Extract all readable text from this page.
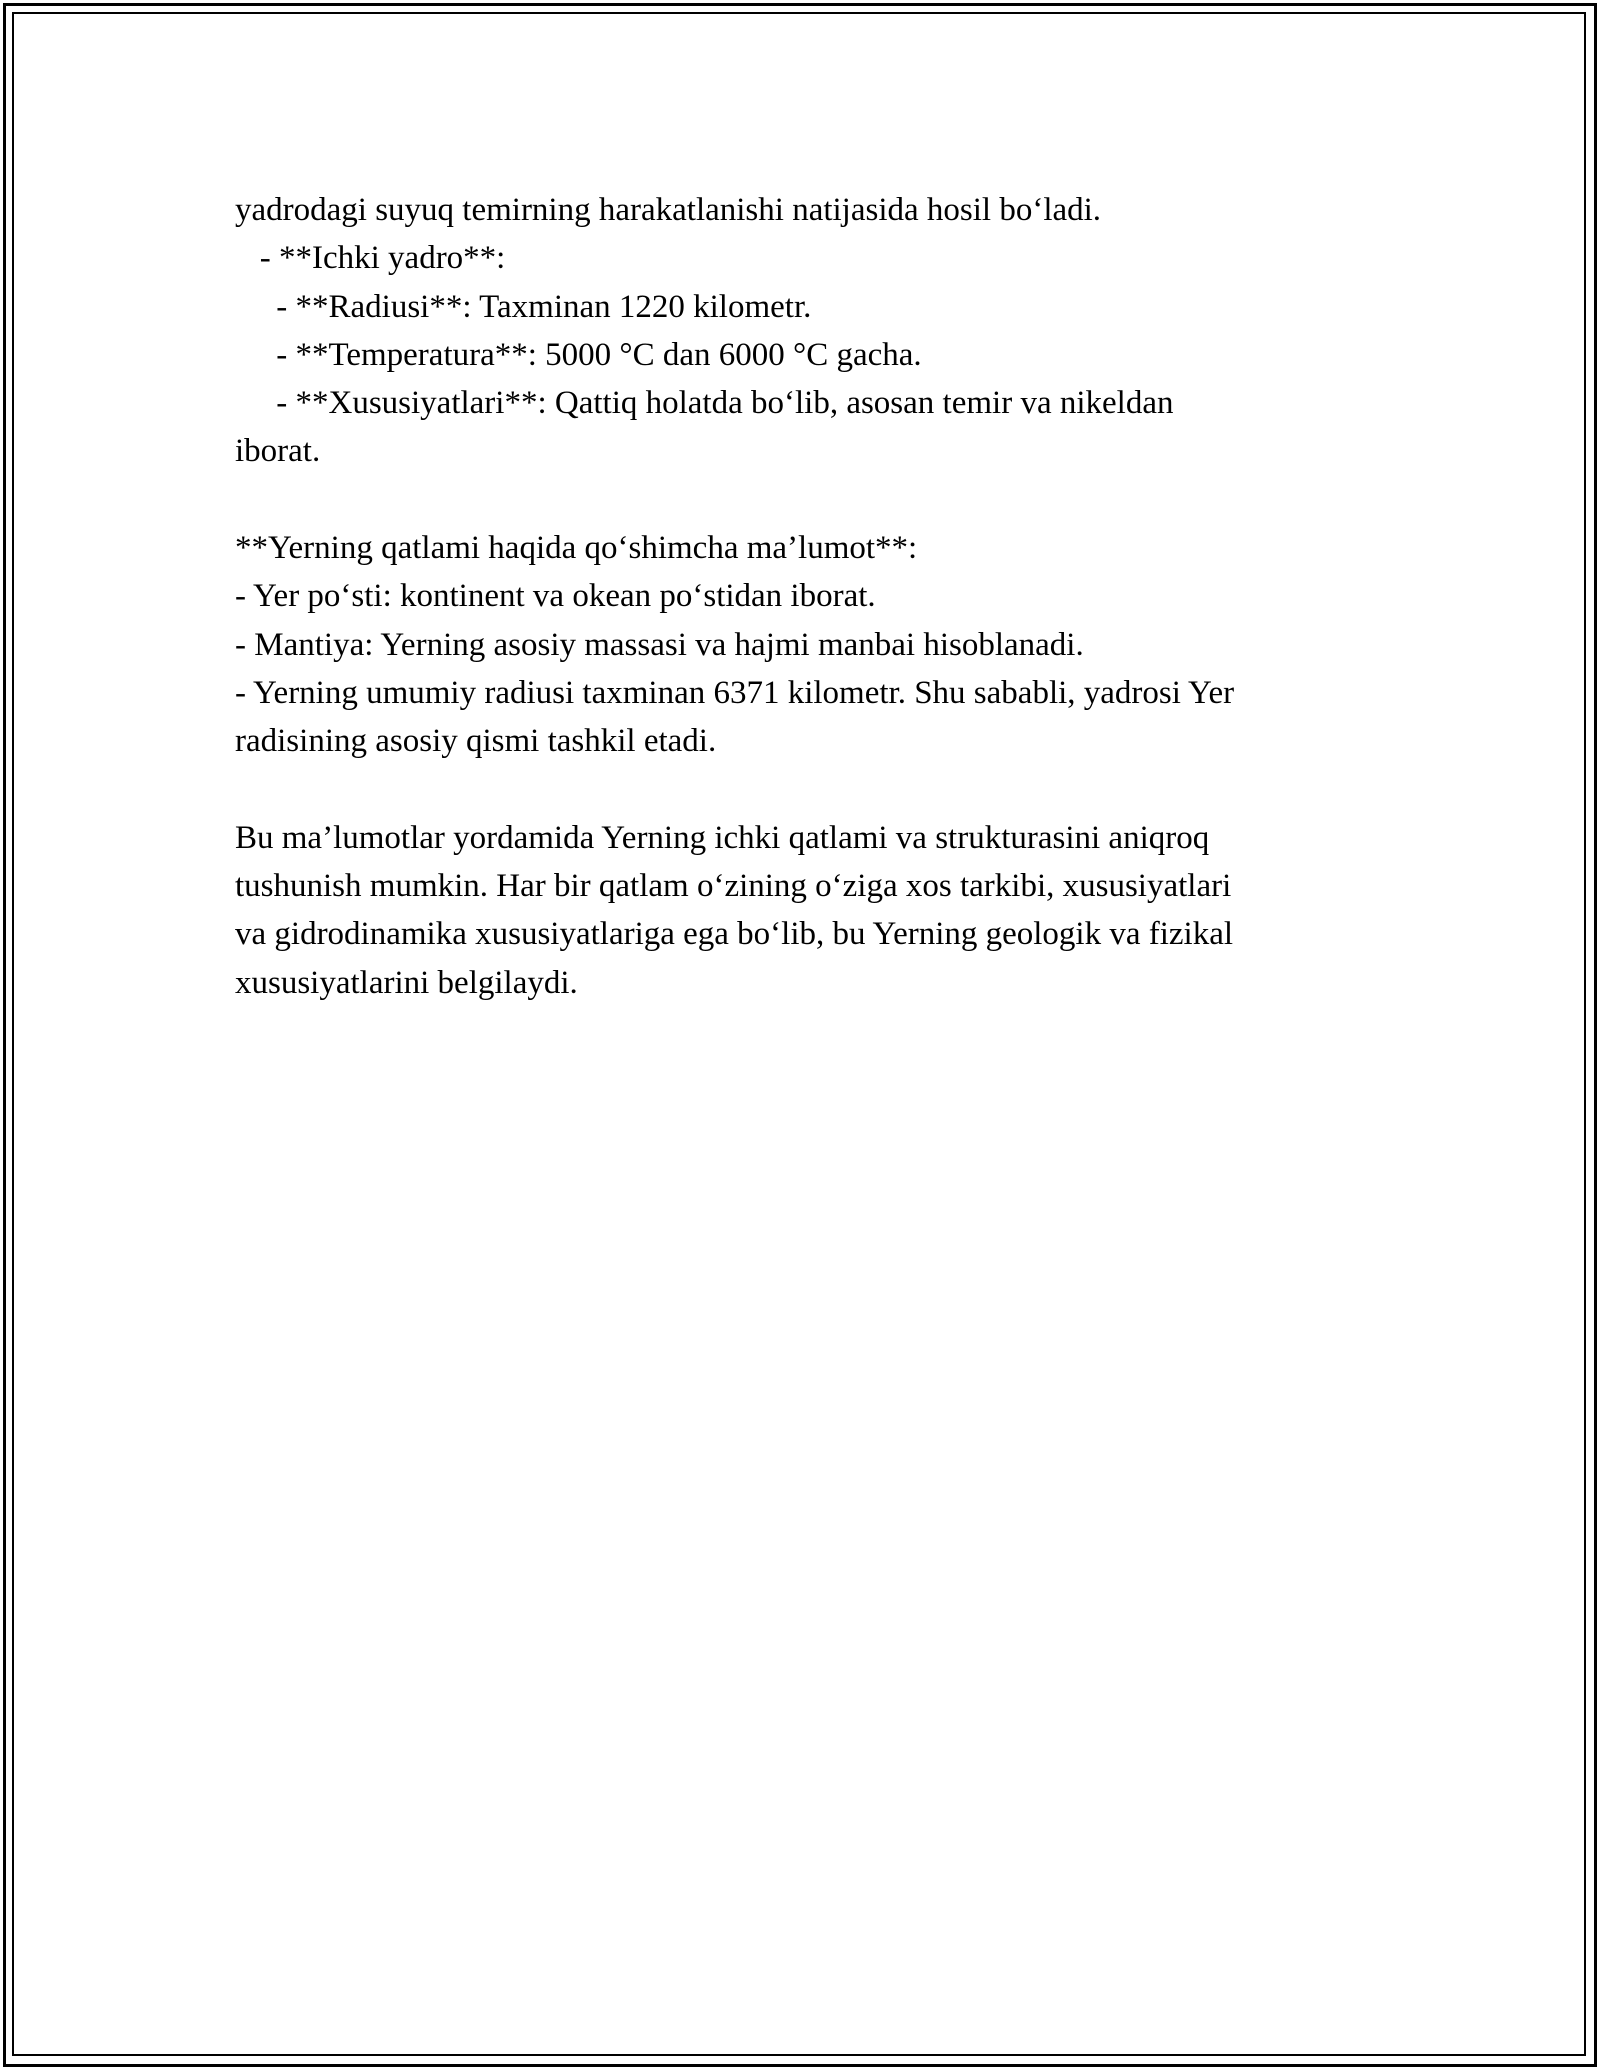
yadrodagi suyuq temirning harakatlanishi natijasida hosil bo‘ladi.

- **Ichki yadro**:

- **Radiusi**: Taxminan 1220 kilometr.

- **Temperatura**: 5000 °C dan 6000 °C gacha.

- **Xususiyatlari**: Qattiq holatda bo‘lib, asosan temir va nikeldan

iborat.

**Yerning qatlami haqida qo‘shimcha ma’lumot**:

- Yer po‘sti: kontinent va okean po‘stidan iborat.

- Mantiya: Yerning asosiy massasi va hajmi manbai hisoblanadi.

- Yerning umumiy radiusi taxminan 6371 kilometr. Shu sababli, yadrosi Yer

radisining asosiy qismi tashkil etadi.

Bu ma’lumotlar yordamida Yerning ichki qatlami va strukturasini aniqroq

tushunish mumkin. Har bir qatlam o‘zining o‘ziga xos tarkibi, xususiyatlari

va gidrodinamika xususiyatlariga ega bo‘lib, bu Yerning geologik va fizikal

xususiyatlarini belgilaydi.
